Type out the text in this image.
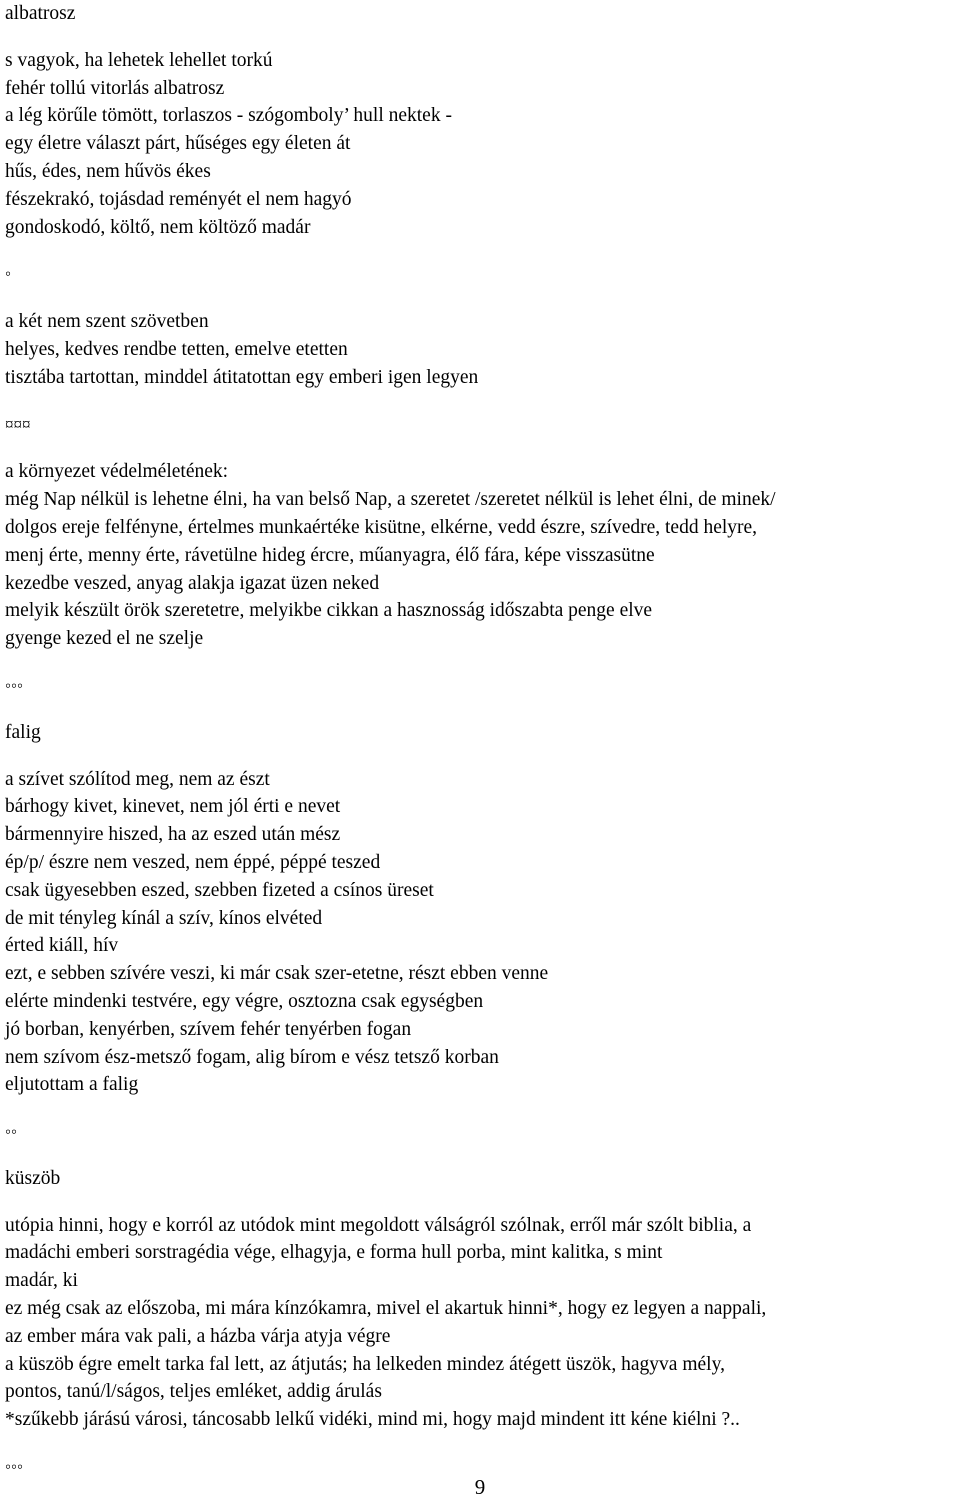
albatrosz
s vagyok, ha lehetek lehellet torkú
fehér tollú vitorlás albatrosz
a lég körűle tömött, torlaszos - szógomboly’ hull nektek -
egy életre választ párt, hűséges egy életen át
hűs, édes, nem hűvös ékes
fészekrakó, tojásdad reményét el nem hagyó
gondoskodó, költő, nem költöző madár
◦
a két nem szent szövetben
helyes, kedves rendbe tetten, emelve etetten
tisztába tartottan, minddel átitatottan egy emberi igen legyen
¤¤¤
a környezet védelméletének:
még Nap nélkül is lehetne élni, ha van belső Nap, a szeretet /szeretet nélkül is lehet élni, de minek/
dolgos ereje felfényne, értelmes munkaértéke kisütne, elkérne, vedd észre, szívedre, tedd helyre,
menj érte, menny érte, rávetülne hideg ércre, műanyagra, élő fára, képe visszasütne
kezedbe veszed, anyag alakja igazat üzen neked
melyik készült örök szeretetre, melyikbe cikkan a hasznosság időszabta penge elve
gyenge kezed el ne szelje
◦◦◦
falig
a szívet szólítod meg, nem az észt
bárhogy kivet, kinevet, nem jól érti e nevet
bármennyire hiszed, ha az eszed után mész
ép/p/ észre nem veszed, nem éppé, péppé teszed
csak ügyesebben eszed, szebben fizeted a csínos üreset
de mit tényleg kínál a szív, kínos elvéted
érted kiáll, hív
ezt, e sebben szívére veszi, ki már csak szer-etetne, részt ebben venne
elérte mindenki testvére, egy végre, osztozna csak egységben
jó borban, kenyérben, szívem fehér tenyérben fogan
nem szívom ész-metsző fogam, alig bírom e vész tetsző korban
eljutottam a falig
◦◦
küszöb
utópia hinni, hogy e korról az utódok mint megoldott válságról szólnak, erről már szólt biblia, a
madáchi emberi sorstragédia vége, elhagyja, e forma hull porba, mint kalitka, s mint
madár, ki
ez még csak az előszoba, mi mára kínzókamra, mivel el akartuk hinni*, hogy ez legyen a nappali,
az ember mára vak pali, a házba várja atyja végre
a küszöb égre emelt tarka fal lett, az átjutás; ha lelkeden mindez átégett üszök, hagyva mély,
pontos, tanú/l/ságos, teljes emléket, addig árulás
*szűkebb járású városi, táncosabb lelkű vidéki, mind mi, hogy majd mindent itt kéne kiélni ?..
◦◦◦
9
